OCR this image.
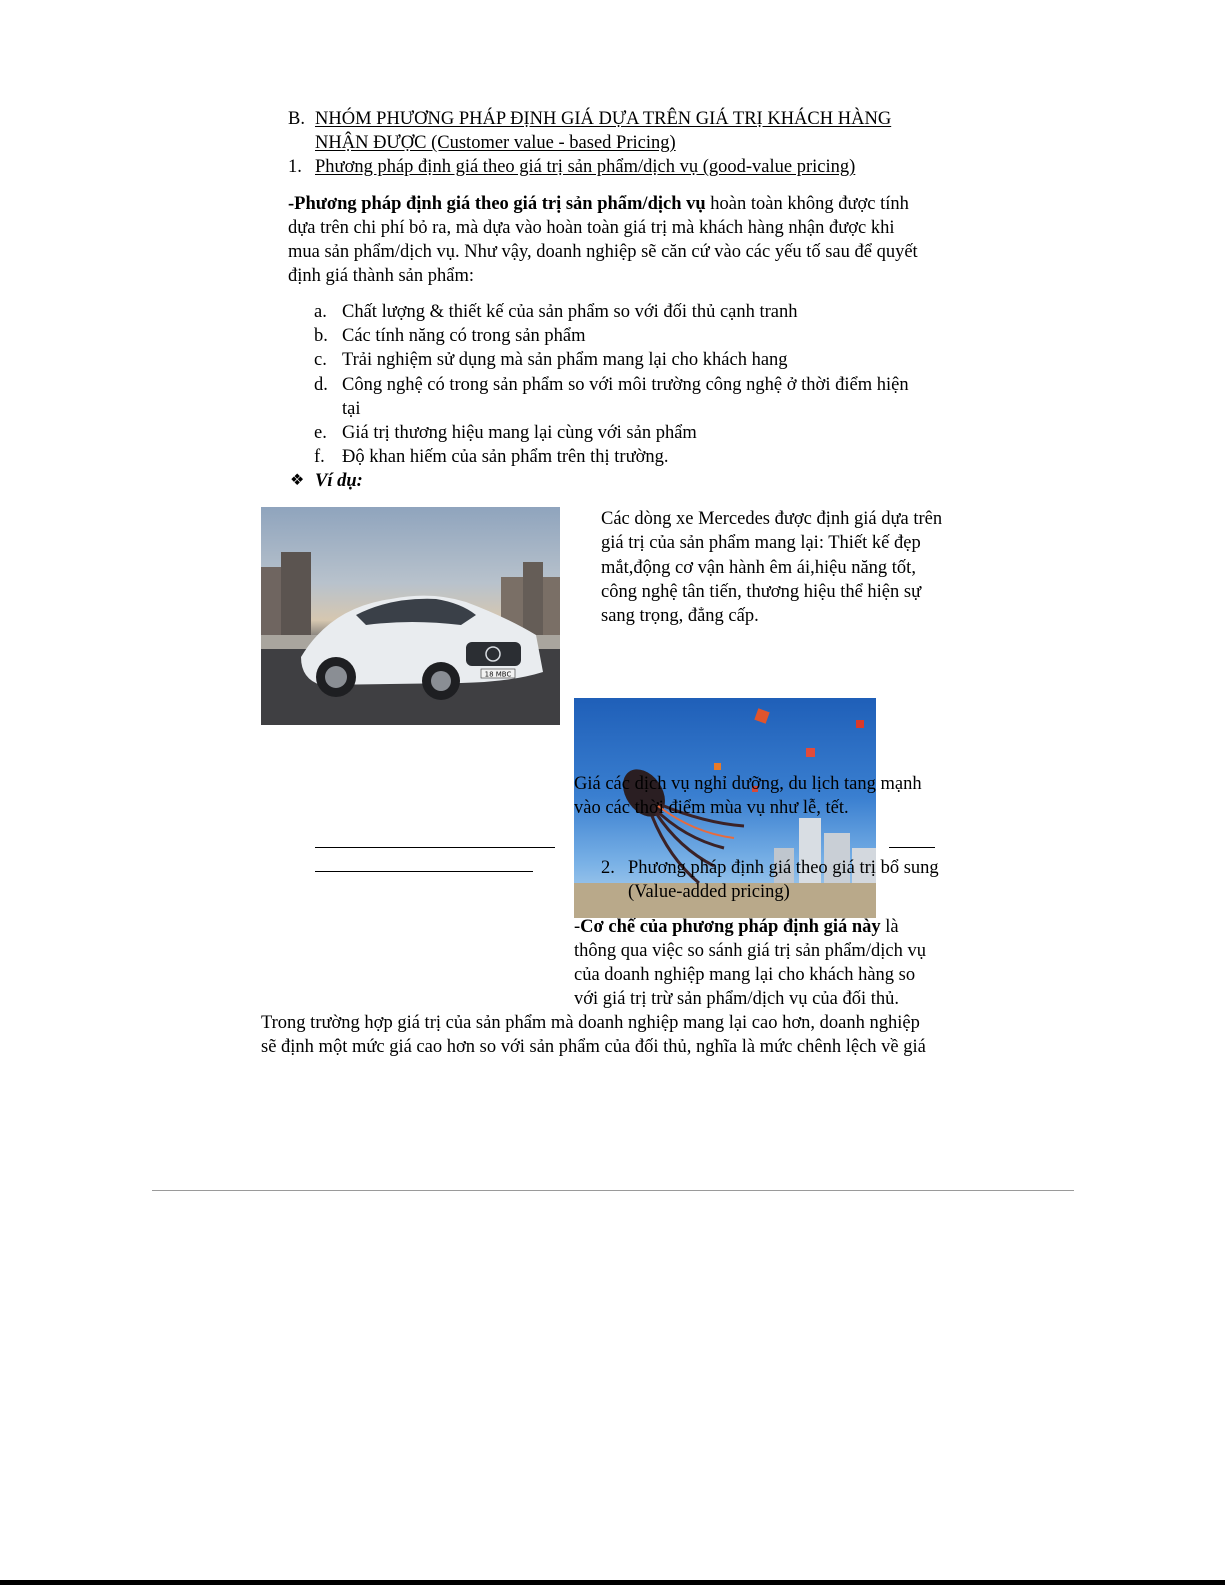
B. NHÓM PHƯƠNG PHÁP ĐỊNH GIÁ DỰA TRÊN GIÁ TRỊ KHÁCH HÀNG
NHẬN ĐƯỢC (Customer value - based Pricing)
1. Phương pháp định giá theo giá trị sản phẩm/dịch vụ (good-value pricing)
-Phương pháp định giá theo giá trị sản phẩm/dịch vụ hoàn toàn không được tính
dựa trên chi phí bỏ ra, mà dựa vào hoàn toàn giá trị mà khách hàng nhận được khi
mua sản phẩm/dịch vụ. Như vậy, doanh nghiệp sẽ căn cứ vào các yếu tố sau để quyết
định giá thành sản phẩm:
a. Chất lượng & thiết kế của sản phẩm so với đối thủ cạnh tranh
b. Các tính năng có trong sản phẩm
c. Trải nghiệm sử dụng mà sản phẩm mang lại cho khách hang
d. Công nghệ có trong sản phẩm so với môi trường công nghệ ở thời điểm hiện
tại
e. Giá trị thương hiệu mang lại cùng với sản phẩm
f. Độ khan hiếm của sản phẩm trên thị trường.
❖ Ví dụ:
18 MBC
Các dòng xe Mercedes được định giá dựa trên
giá trị của sản phẩm mang lại: Thiết kế đẹp
mắt,động cơ vận hành êm ái,hiệu năng tốt,
công nghệ tân tiến, thương hiệu thể hiện sự
sang trọng, đẳng cấp.
Giá các dịch vụ nghỉ dưỡng, du lịch tang mạnh
vào các thời điểm mùa vụ như lễ, tết.
2. Phương pháp định giá theo giá trị bổ sung
(Value-added pricing)
-Cơ chế của phương pháp định giá này là
thông qua việc so sánh giá trị sản phẩm/dịch vụ
của doanh nghiệp mang lại cho khách hàng so
với giá trị trừ sản phẩm/dịch vụ của đối thủ.
Trong trường hợp giá trị của sản phẩm mà doanh nghiệp mang lại cao hơn, doanh nghiệp
sẽ định một mức giá cao hơn so với sản phẩm của đối thủ, nghĩa là mức chênh lệch về giá
